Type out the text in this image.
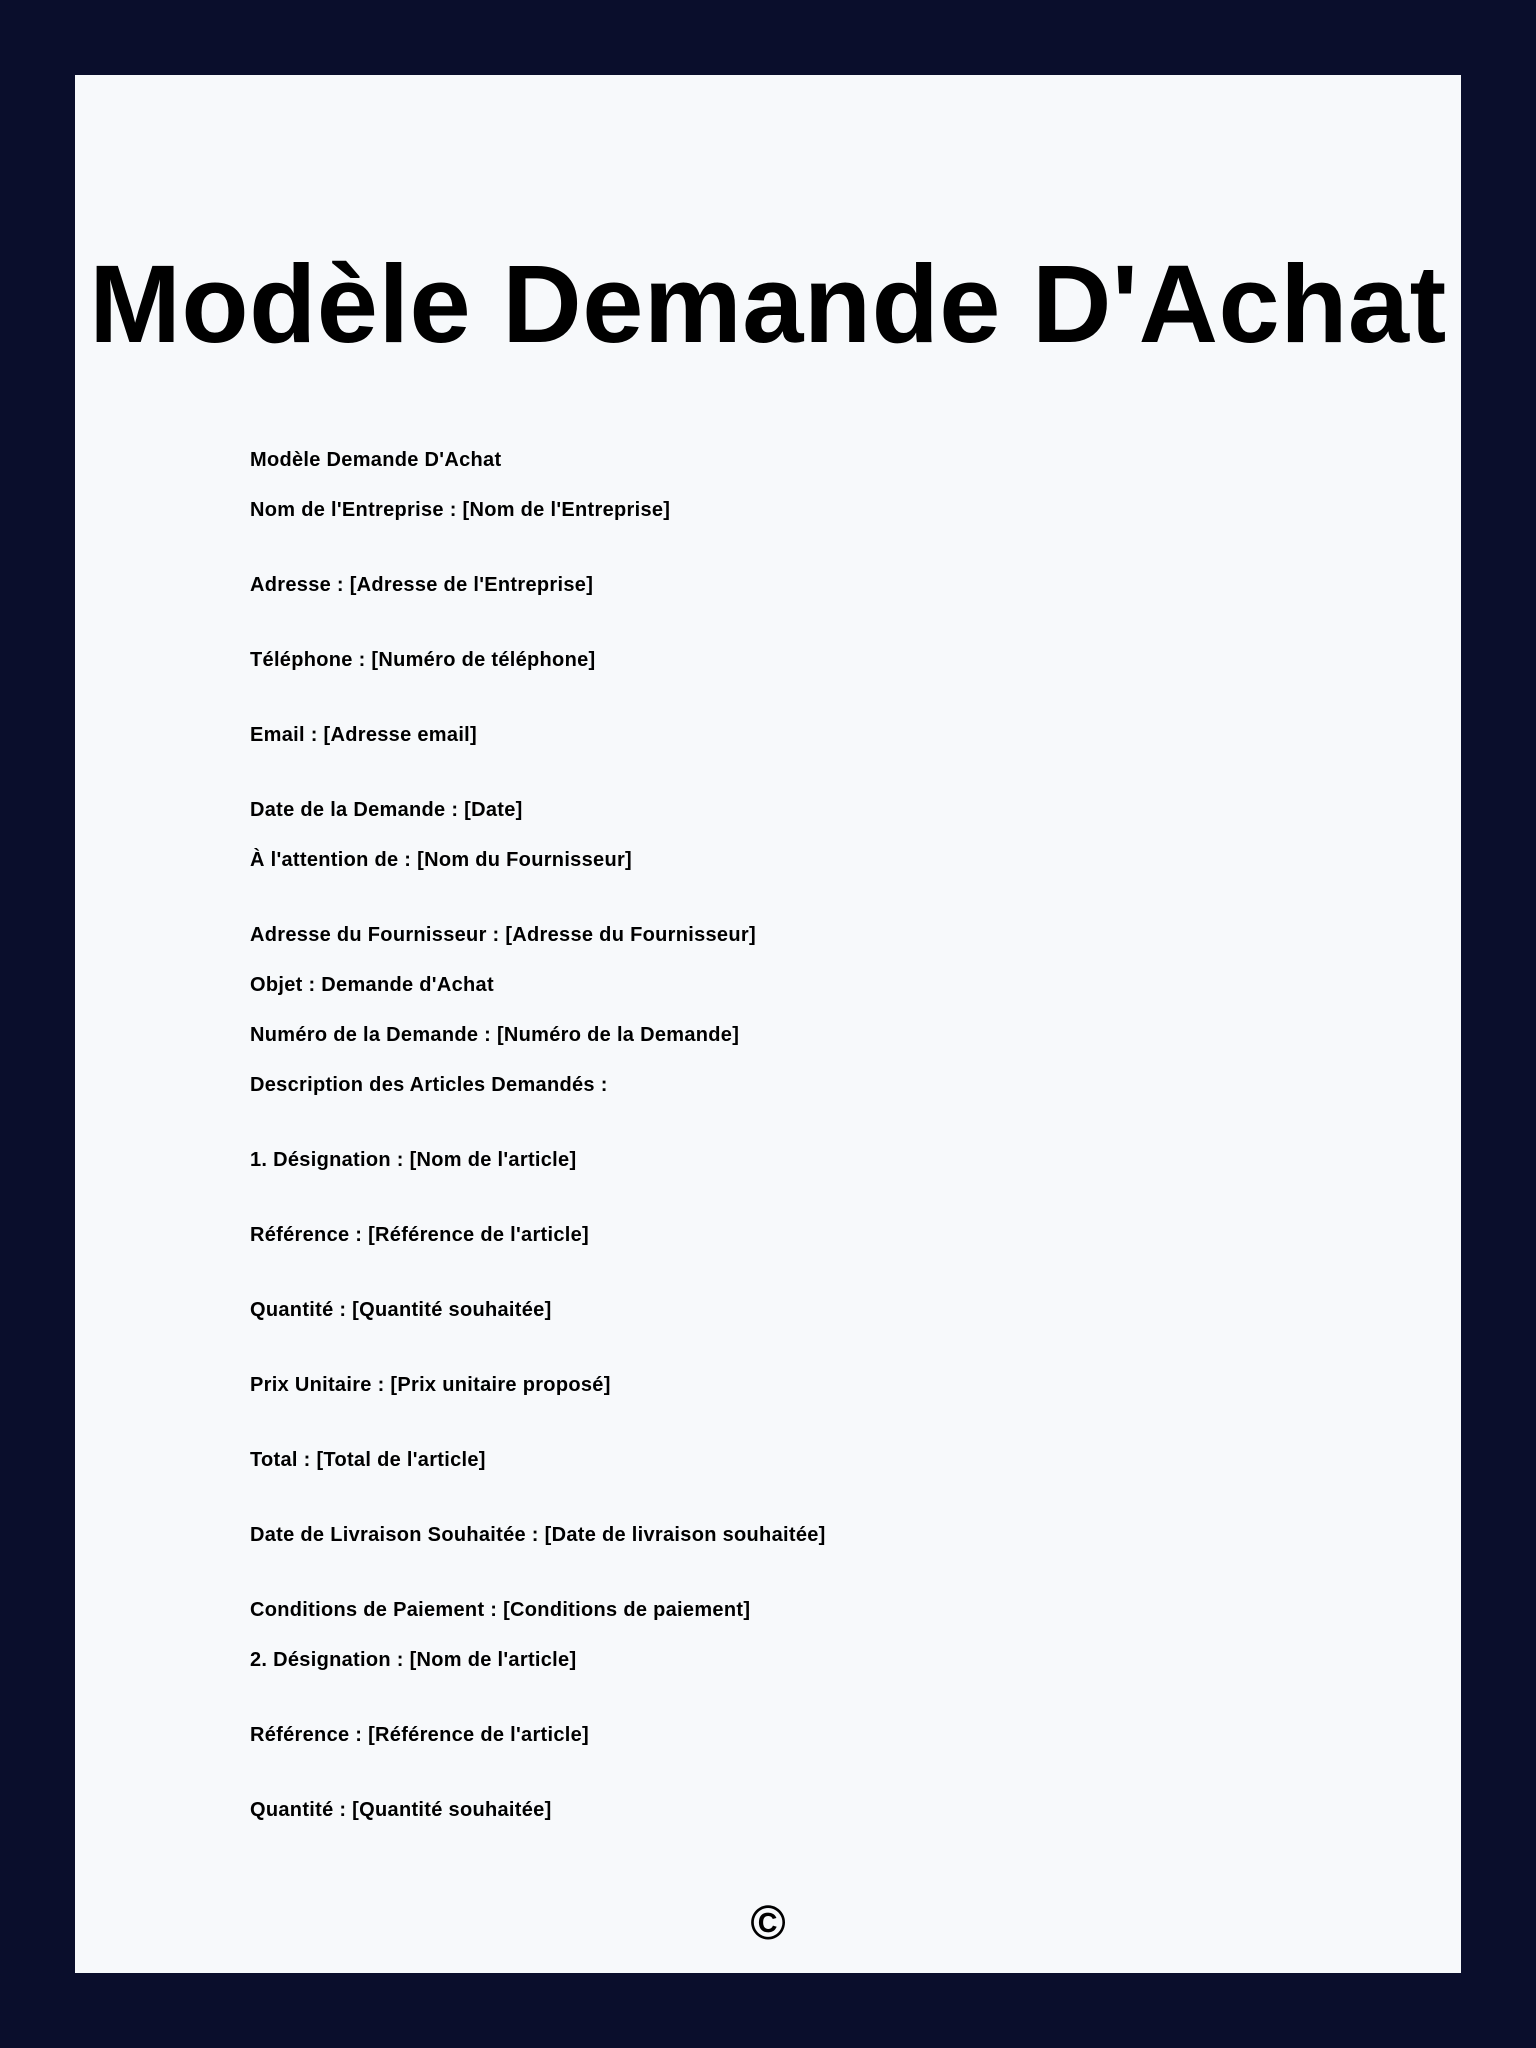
Modèle Demande D'Achat

Modèle Demande D'Achat

Nom de l'Entreprise : [Nom de l'Entreprise]

Adresse : [Adresse de l'Entreprise]

Téléphone : [Numéro de téléphone]

Email : [Adresse email]

Date de la Demande : [Date]

À l'attention de : [Nom du Fournisseur]

Adresse du Fournisseur : [Adresse du Fournisseur]

Objet : Demande d'Achat

Numéro de la Demande : [Numéro de la Demande]

Description des Articles Demandés :

1. Désignation : [Nom de l'article]

Référence : [Référence de l'article]

Quantité : [Quantité souhaitée]

Prix Unitaire : [Prix unitaire proposé]

Total : [Total de l'article]

Date de Livraison Souhaitée : [Date de livraison souhaitée]

Conditions de Paiement : [Conditions de paiement]

2. Désignation : [Nom de l'article]

Référence : [Référence de l'article]

Quantité : [Quantité souhaitée]

©
